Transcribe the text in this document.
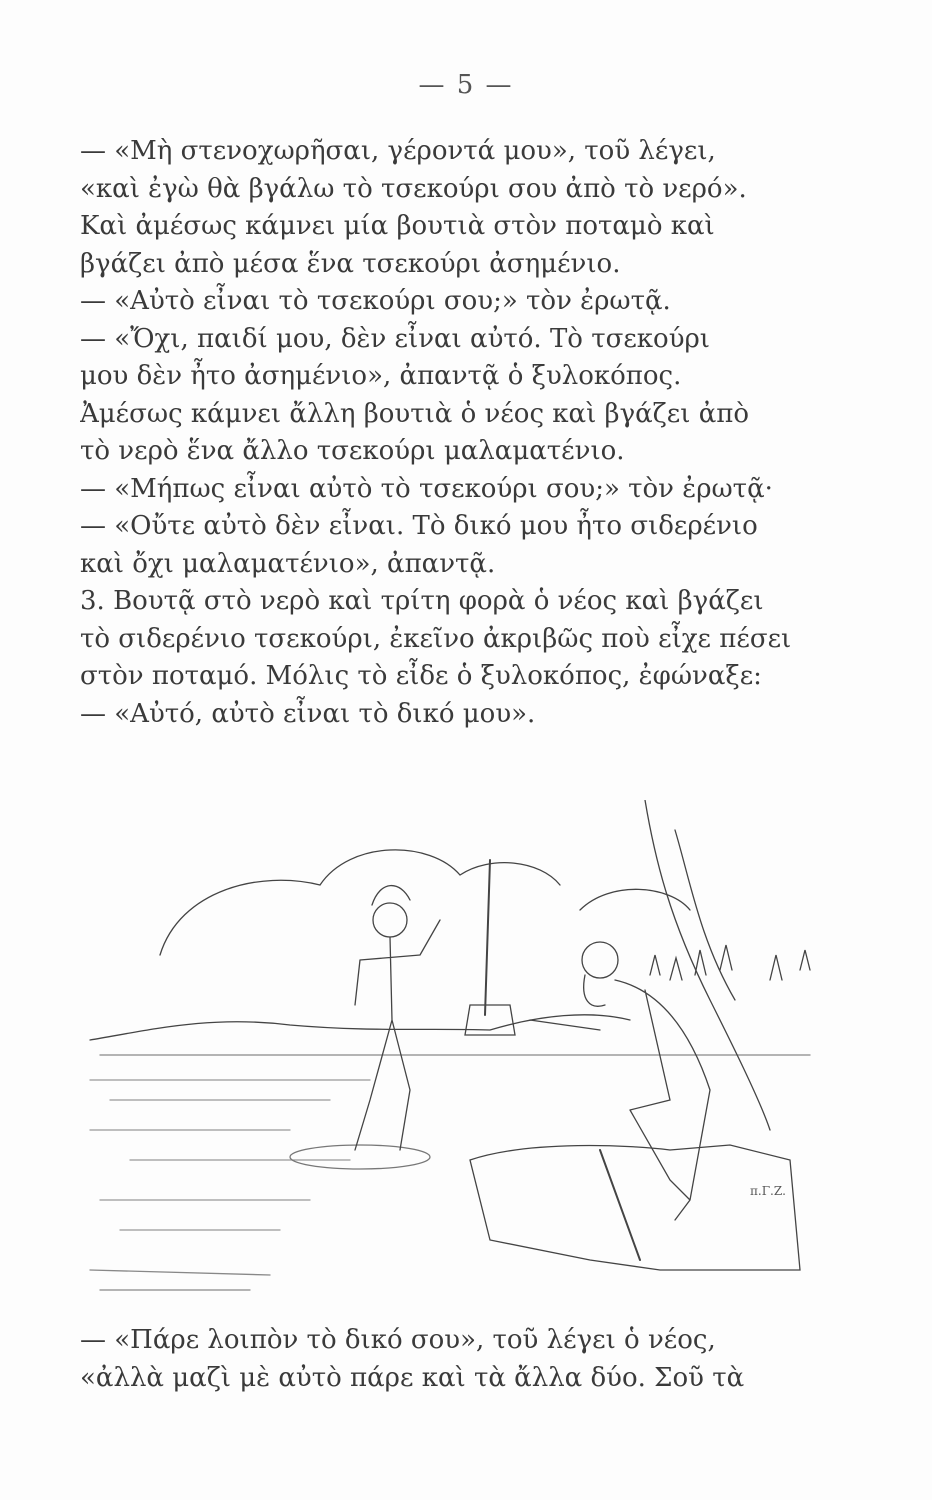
— 5 —
— «Μὴ στενοχωρῆσαι, γέροντά μου», τοῦ λέγει,
«καὶ ἐγὼ θὰ βγάλω τὸ τσεκούρι σου ἀπὸ τὸ νερό».
Καὶ ἀμέσως κάμνει μία βουτιὰ στὸν ποταμὸ καὶ
βγάζει ἀπὸ μέσα ἕνα τσεκούρι ἀσημένιο.
— «Αὐτὸ εἶναι τὸ τσεκούρι σου;» τὸν ἐρωτᾷ.
— «Ὄχι, παιδί μου, δὲν εἶναι αὐτό. Τὸ τσεκούρι
μου δὲν ἦτο ἀσημένιο», ἀπαντᾷ ὁ ξυλοκόπος.
Ἀμέσως κάμνει ἄλλη βουτιὰ ὁ νέος καὶ βγάζει ἀπὸ
τὸ νερὸ ἕνα ἄλλο τσεκούρι μαλαματένιο.
— «Μήπως εἶναι αὐτὸ τὸ τσεκούρι σου;» τὸν ἐρωτᾷ·
— «Οὔτε αὐτὸ δὲν εἶναι. Τὸ δικό μου ἦτο σιδερένιο
καὶ ὄχι μαλαματένιο», ἀπαντᾷ.
3. Βουτᾷ στὸ νερὸ καὶ τρίτη φορὰ ὁ νέος καὶ βγάζει
τὸ σιδερένιο τσεκούρι, ἐκεῖνο ἀκριβῶς ποὺ εἶχε πέσει
στὸν ποταμό. Μόλις τὸ εἶδε ὁ ξυλοκόπος, ἐφώναξε:
— «Αὐτό, αὐτὸ εἶναι τὸ δικό μου».
π.Γ.Ζ.
— «Πάρε λοιπὸν τὸ δικό σου», τοῦ λέγει ὁ νέος,
«ἀλλὰ μαζὶ μὲ αὐτὸ πάρε καὶ τὰ ἄλλα δύο. Σοῦ τὰ
